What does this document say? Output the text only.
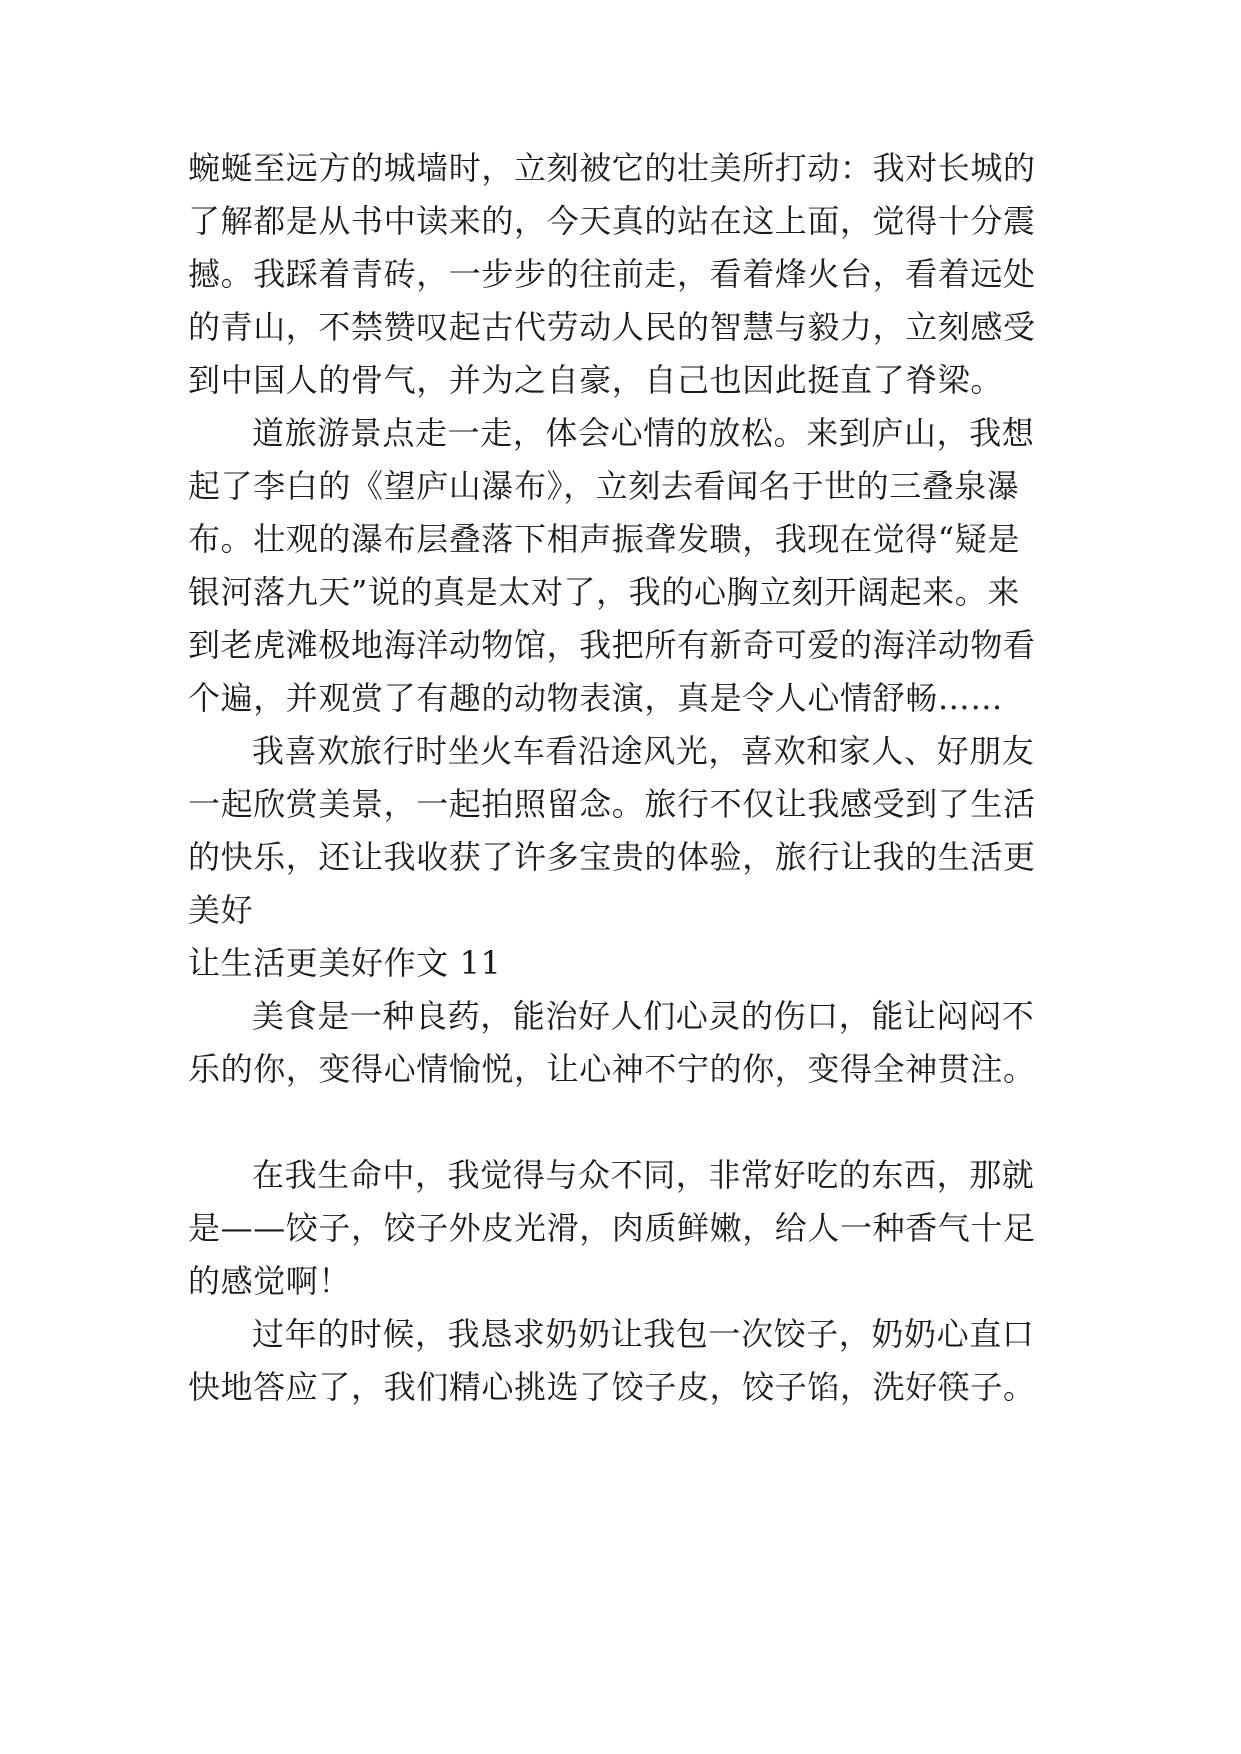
蜿蜒至远方的城墙时，立刻被它的壮美所打动：我对长城的
了解都是从书中读来的，今天真的站在这上面，觉得十分震
撼。我踩着青砖，一步步的往前走，看着烽火台，看着远处
的青山，不禁赞叹起古代劳动人民的智慧与毅力，立刻感受
到中国人的骨气，并为之自豪，自己也因此挺直了脊梁。
道旅游景点走一走，体会心情的放松。来到庐山，我想
起了李白的《望庐山瀑布》，立刻去看闻名于世的三叠泉瀑
布。壮观的瀑布层叠落下相声振聋发聩，我现在觉得“疑是
银河落九天”说的真是太对了，我的心胸立刻开阔起来。来
到老虎滩极地海洋动物馆，我把所有新奇可爱的海洋动物看
个遍，并观赏了有趣的动物表演，真是令人心情舒畅……
我喜欢旅行时坐火车看沿途风光，喜欢和家人、好朋友
一起欣赏美景，一起拍照留念。旅行不仅让我感受到了生活
的快乐，还让我收获了许多宝贵的体验，旅行让我的生活更
美好
让生活更美好作文 11
美食是一种良药，能治好人们心灵的伤口，能让闷闷不
乐的你，变得心情愉悦，让心神不宁的你，变得全神贯注。
在我生命中，我觉得与众不同，非常好吃的东西，那就
是——饺子，饺子外皮光滑，肉质鲜嫩，给人一种香气十足
的感觉啊！
过年的时候，我恳求奶奶让我包一次饺子，奶奶心直口
快地答应了，我们精心挑选了饺子皮，饺子馅，洗好筷子。
